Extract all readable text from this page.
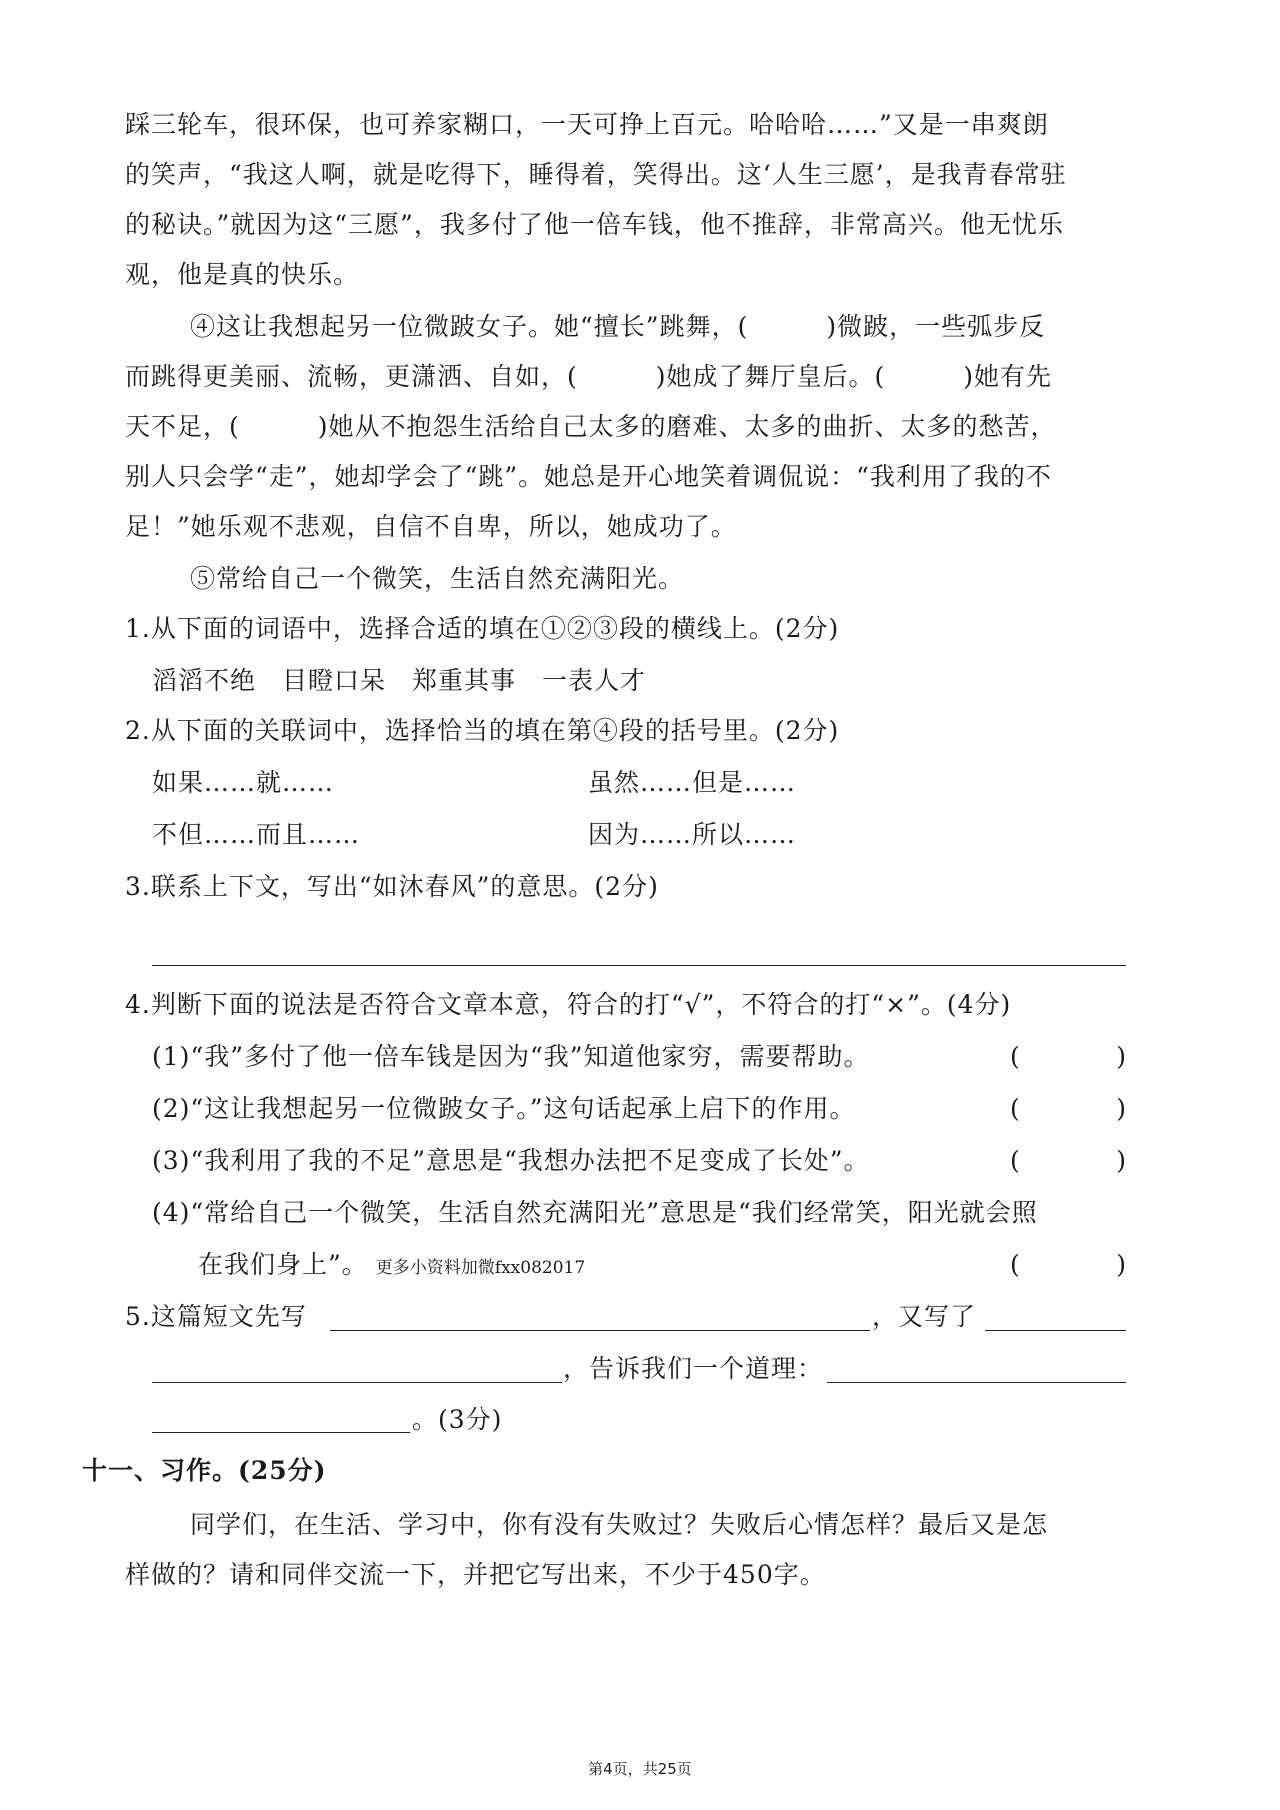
踩三轮车，很环保，也可养家糊口，一天可挣上百元。哈哈哈……”又是一串爽朗
的笑声，“我这人啊，就是吃得下，睡得着，笑得出。这‘人生三愿’，是我青春常驻
的秘诀。”就因为这“三愿”，我多付了他一倍车钱，他不推辞，非常高兴。他无忧乐
观，他是真的快乐。
④这让我想起另一位微跛女子。她“擅长”跳舞，(　　　)微跛，一些弧步反
而跳得更美丽、流畅，更潇洒、自如，(　　　)她成了舞厅皇后。(　　　)她有先
天不足，(　　　)她从不抱怨生活给自己太多的磨难、太多的曲折、太多的愁苦，
别人只会学“走”，她却学会了“跳”。她总是开心地笑着调侃说：“我利用了我的不
足！”她乐观不悲观，自信不自卑，所以，她成功了。
⑤常给自己一个微笑，生活自然充满阳光。
1.从下面的词语中，选择合适的填在①②③段的横线上。(2分)
滔滔不绝　目瞪口呆　郑重其事　一表人才
2.从下面的关联词中，选择恰当的填在第④段的括号里。(2分)
如果……就……	虽然……但是……
不但……而且……	因为……所以……
3.联系上下文，写出“如沐春风”的意思。(2分)
4.判断下面的说法是否符合文章本意，符合的打“√”，不符合的打“×”。(4分)
(1)“我”多付了他一倍车钱是因为“我”知道他家穷，需要帮助。	(	)
(2)“这让我想起另一位微跛女子。”这句话起承上启下的作用。	(	)
(3)“我利用了我的不足”意思是“我想办法把不足变成了长处”。	(	)
(4)“常给自己一个微笑，生活自然充满阳光”意思是“我们经常笑，阳光就会照
在我们身上”。 更多小资料加微fxx082017	(	)
5.这篇短文先写	，又写了
，告诉我们一个道理：
。(3分)
十一、习作。(25分)
同学们，在生活、学习中，你有没有失败过？失败后心情怎样？最后又是怎
样做的？请和同伴交流一下，并把它写出来，不少于450字。
第4页，共25页
